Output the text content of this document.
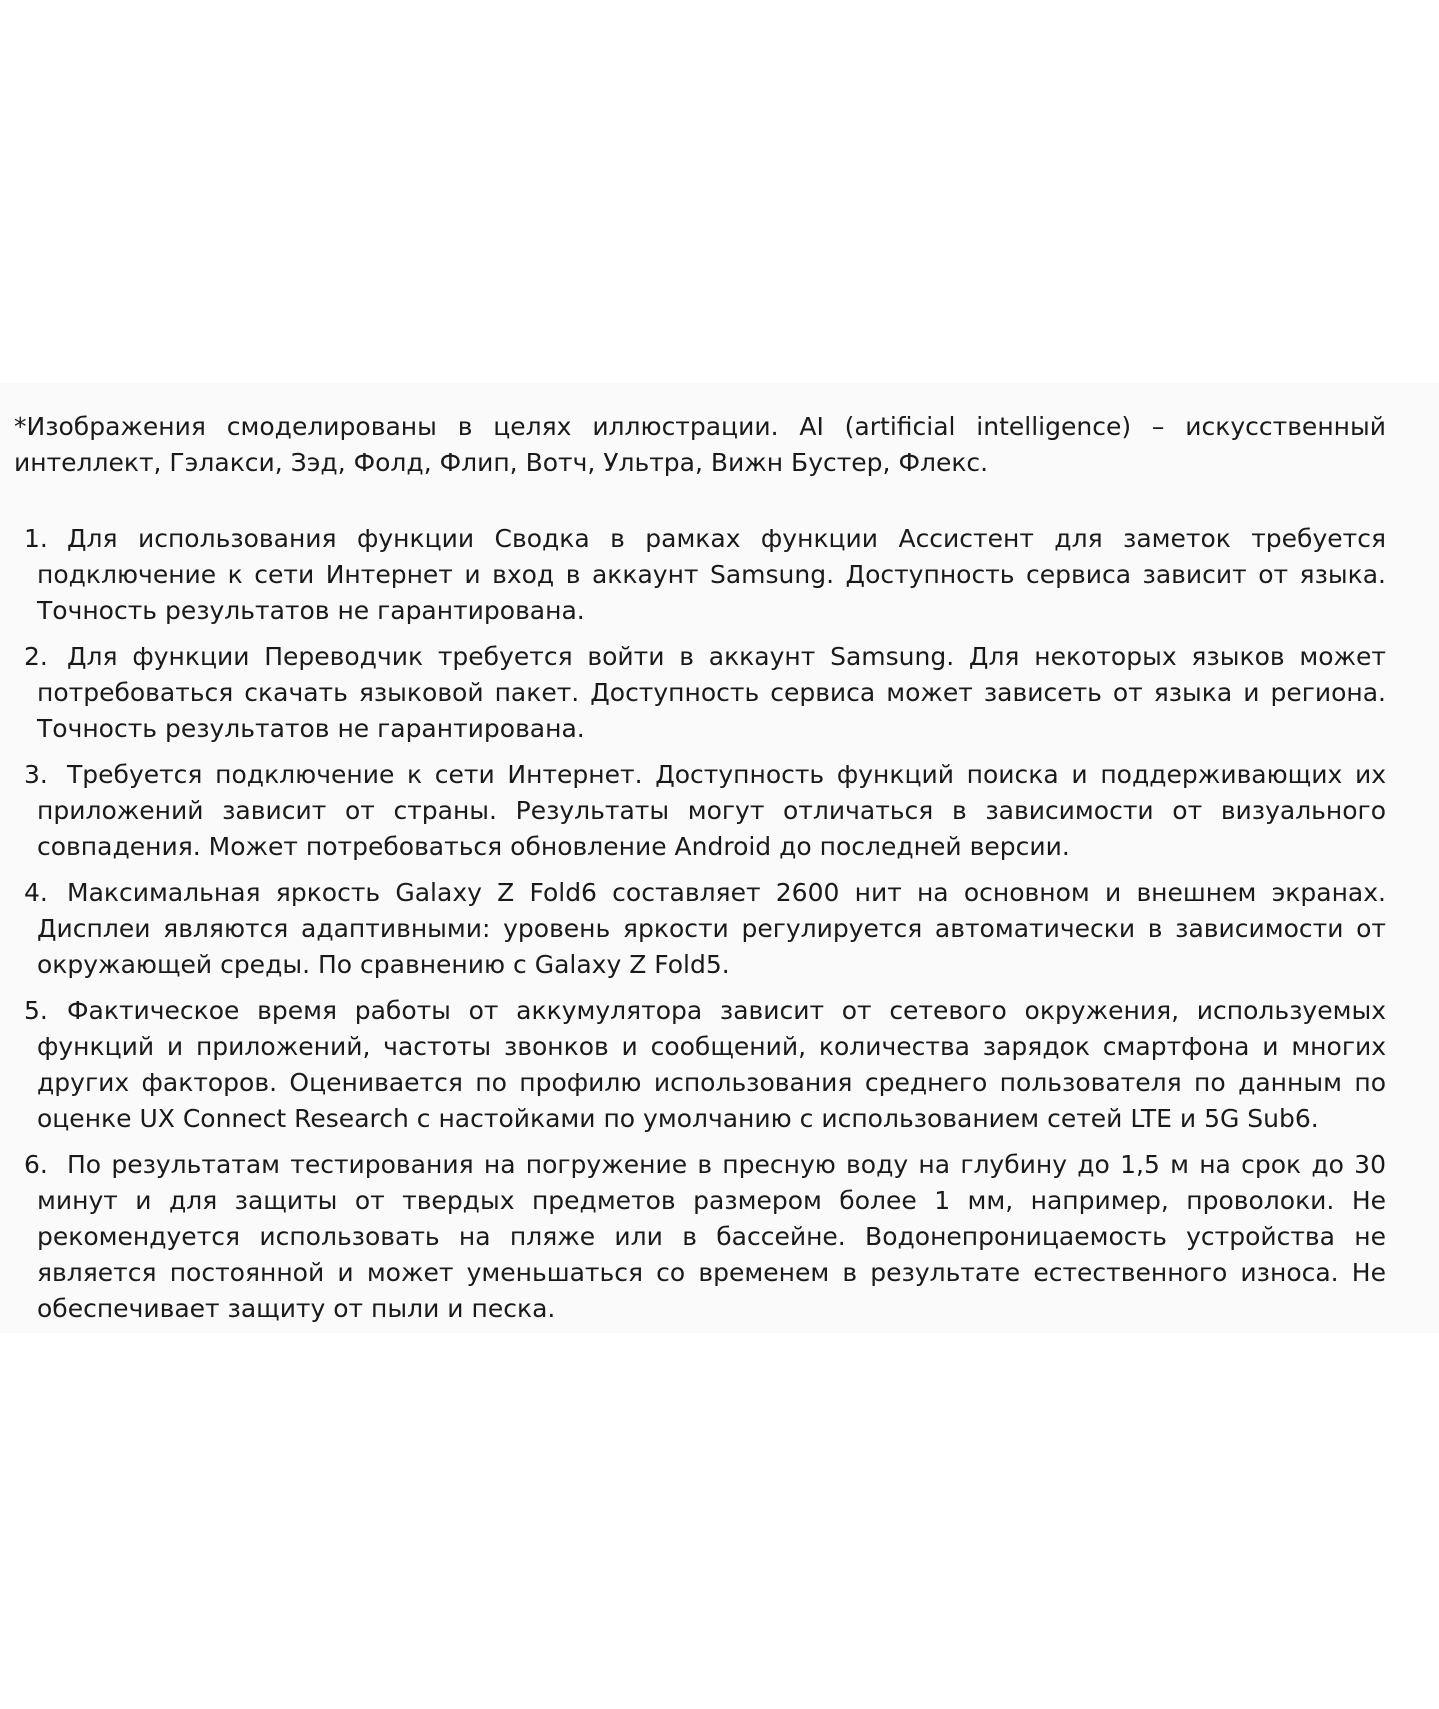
*Изображения смоделированы в целях иллюстрации. AI (artificial intelligence) – искусственный интеллект, Гэлакси, Зэд, Фолд, Флип, Вотч, Ультра, Вижн Бустер, Флекс.

1. Для использования функции Сводка в рамках функции Ассистент для заметок требуется подключение к сети Интернет и вход в аккаунт Samsung. Доступность сервиса зависит от языка. Точность результатов не гарантирована.
2. Для функции Переводчик требуется войти в аккаунт Samsung. Для некоторых языков может потребоваться скачать языковой пакет. Доступность сервиса может зависеть от языка и региона. Точность результатов не гарантирована.
3. Требуется подключение к сети Интернет. Доступность функций поиска и поддерживающих их приложений зависит от страны. Результаты могут отличаться в зависимости от визуального совпадения. Может потребоваться обновление Android до последней версии.
4. Максимальная яркость Galaxy Z Fold6 составляет 2600 нит на основном и внешнем экранах. Дисплеи являются адаптивными: уровень яркости регулируется автоматически в зависимости от окружающей среды. По сравнению с Galaxy Z Fold5.
5. Фактическое время работы от аккумулятора зависит от сетевого окружения, используемых функций и приложений, частоты звонков и сообщений, количества зарядок смартфона и многих других факторов. Оценивается по профилю использования среднего пользователя по данным по оценке UX Connect Research с настойками по умолчанию с использованием сетей LTE и 5G Sub6.
6. По результатам тестирования на погружение в пресную воду на глубину до 1,5 м на срок до 30 минут и для защиты от твердых предметов размером более 1 мм, например, проволоки. Не рекомендуется использовать на пляже или в бассейне. Водонепроницаемость устройства не является постоянной и может уменьшаться со временем в результате естественного износа. Не обеспечивает защиту от пыли и песка.
